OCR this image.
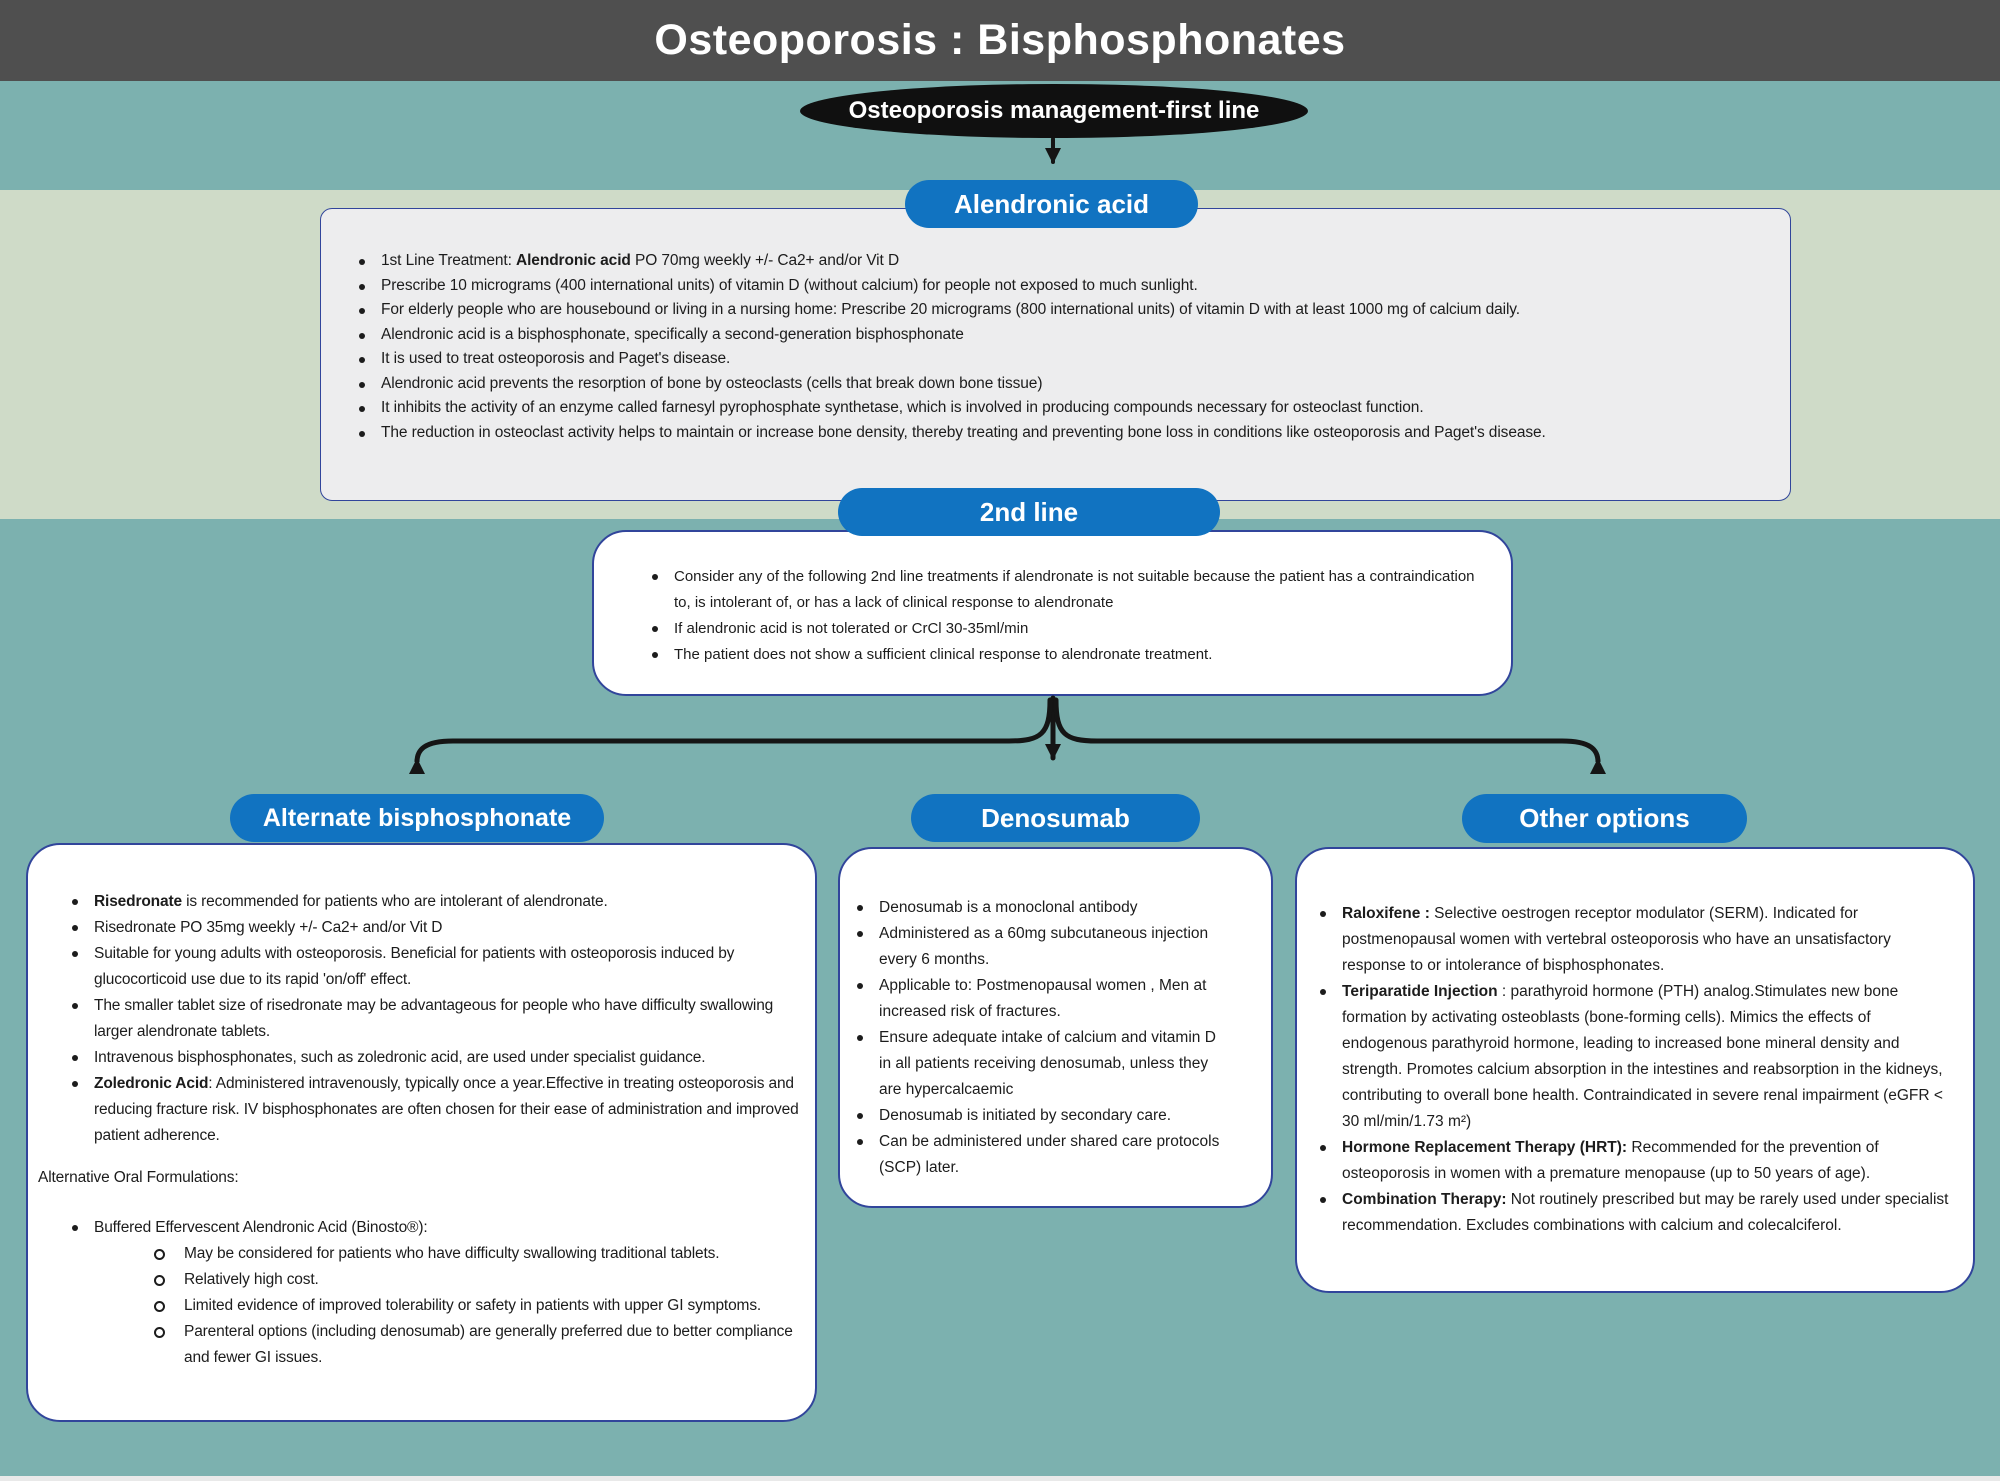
Osteoporosis : Bisphosphonates
Osteoporosis management-first line
Alendronic acid
2nd line
Alternate bisphosphonate	Denosumab	Other options
1st Line Treatment: Alendronic acid PO 70mg weekly +/- Ca2+ and/or Vit D
Prescribe 10 micrograms (400 international units) of vitamin D (without calcium) for people not exposed to much sunlight.
For elderly people who are housebound or living in a nursing home: Prescribe 20 micrograms (800 international units) of vitamin D with at least 1000 mg of calcium daily.
Alendronic acid is a bisphosphonate, specifically a second-generation bisphosphonate
It is used to treat osteoporosis and Paget's disease.
Alendronic acid prevents the resorption of bone by osteoclasts (cells that break down bone tissue)
It inhibits the activity of an enzyme called farnesyl pyrophosphate synthetase, which is involved in producing compounds necessary for osteoclast function.
The reduction in osteoclast activity helps to maintain or increase bone density, thereby treating and preventing bone loss in conditions like osteoporosis and Paget's disease.
Consider any of the following 2nd line treatments if alendronate is not suitable because the patient has a contraindication to, is intolerant of, or has a lack of clinical response to alendronate
If alendronic acid is not tolerated or CrCl 30-35ml/min
The patient does not show a sufficient clinical response to alendronate treatment.
Risedronate is recommended for patients who are intolerant of alendronate.
Risedronate PO 35mg weekly +/- Ca2+ and/or Vit D
Suitable for young adults with osteoporosis. Beneficial for patients with osteoporosis induced by glucocorticoid use due to its rapid 'on/off' effect.
The smaller tablet size of risedronate may be advantageous for people who have difficulty swallowing larger alendronate tablets.
Intravenous bisphosphonates, such as zoledronic acid, are used under specialist guidance.
Zoledronic Acid: Administered intravenously, typically once a year.Effective in treating osteoporosis and reducing fracture risk. IV bisphosphonates are often chosen for their ease of administration and improved patient adherence.
Alternative Oral Formulations:
Buffered Effervescent Alendronic Acid (Binosto®):
May be considered for patients who have difficulty swallowing traditional tablets.
Relatively high cost.
Limited evidence of improved tolerability or safety in patients with upper GI symptoms.
Parenteral options (including denosumab) are generally preferred due to better compliance and fewer GI issues.
Denosumab is a monoclonal antibody
Administered as a 60mg subcutaneous injection every 6 months.
Applicable to: Postmenopausal women , Men at increased risk of fractures.
Ensure adequate intake of calcium and vitamin D in all patients receiving denosumab, unless they are hypercalcaemic
Denosumab is initiated by secondary care.
Can be administered under shared care protocols (SCP) later.
Raloxifene : Selective oestrogen receptor modulator (SERM). Indicated for postmenopausal women with vertebral osteoporosis who have an unsatisfactory response to or intolerance of bisphosphonates.
Teriparatide Injection : parathyroid hormone (PTH) analog.Stimulates new bone formation by activating osteoblasts (bone-forming cells). Mimics the effects of endogenous parathyroid hormone, leading to increased bone mineral density and strength. Promotes calcium absorption in the intestines and reabsorption in the kidneys, contributing to overall bone health. Contraindicated in severe renal impairment (eGFR < 30 ml/min/1.73 m²)
Hormone Replacement Therapy (HRT): Recommended for the prevention of osteoporosis in women with a premature menopause (up to 50 years of age).
Combination Therapy: Not routinely prescribed but may be rarely used under specialist recommendation. Excludes combinations with calcium and colecalciferol.
